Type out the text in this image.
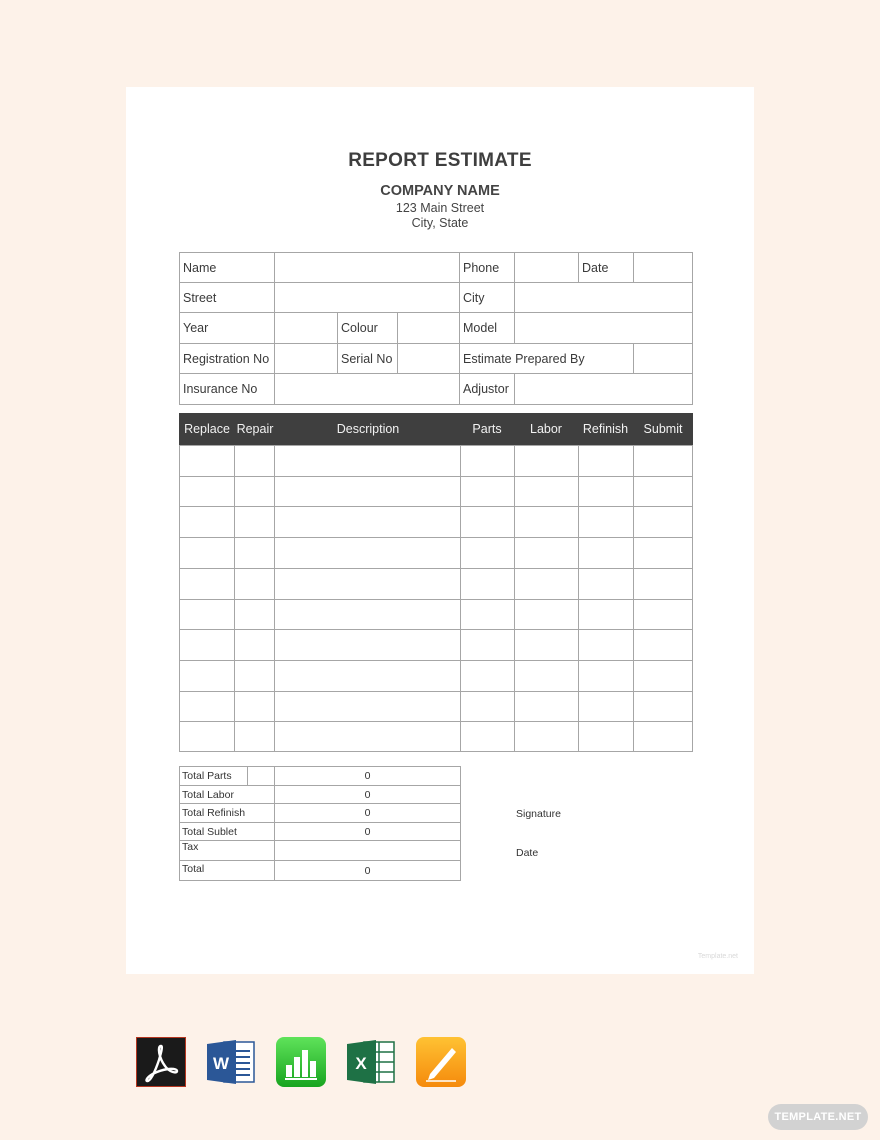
REPORT ESTIMATE
COMPANY NAME
123 Main Street
City, State
Name	Phone	Date
Street	City
Year	Colour	Model
Registration No	Serial No	Estimate Prepared By
Insurance No	Adjustor
Replace Repair	Description	Parts	Labor	Refinish	Submit
Total Parts	0
Total Labor	0
Total Refinish	0
Total Sublet	0
Tax
Total	0
Signature
Date
Template.net
W	X
TEMPLATE.NET
